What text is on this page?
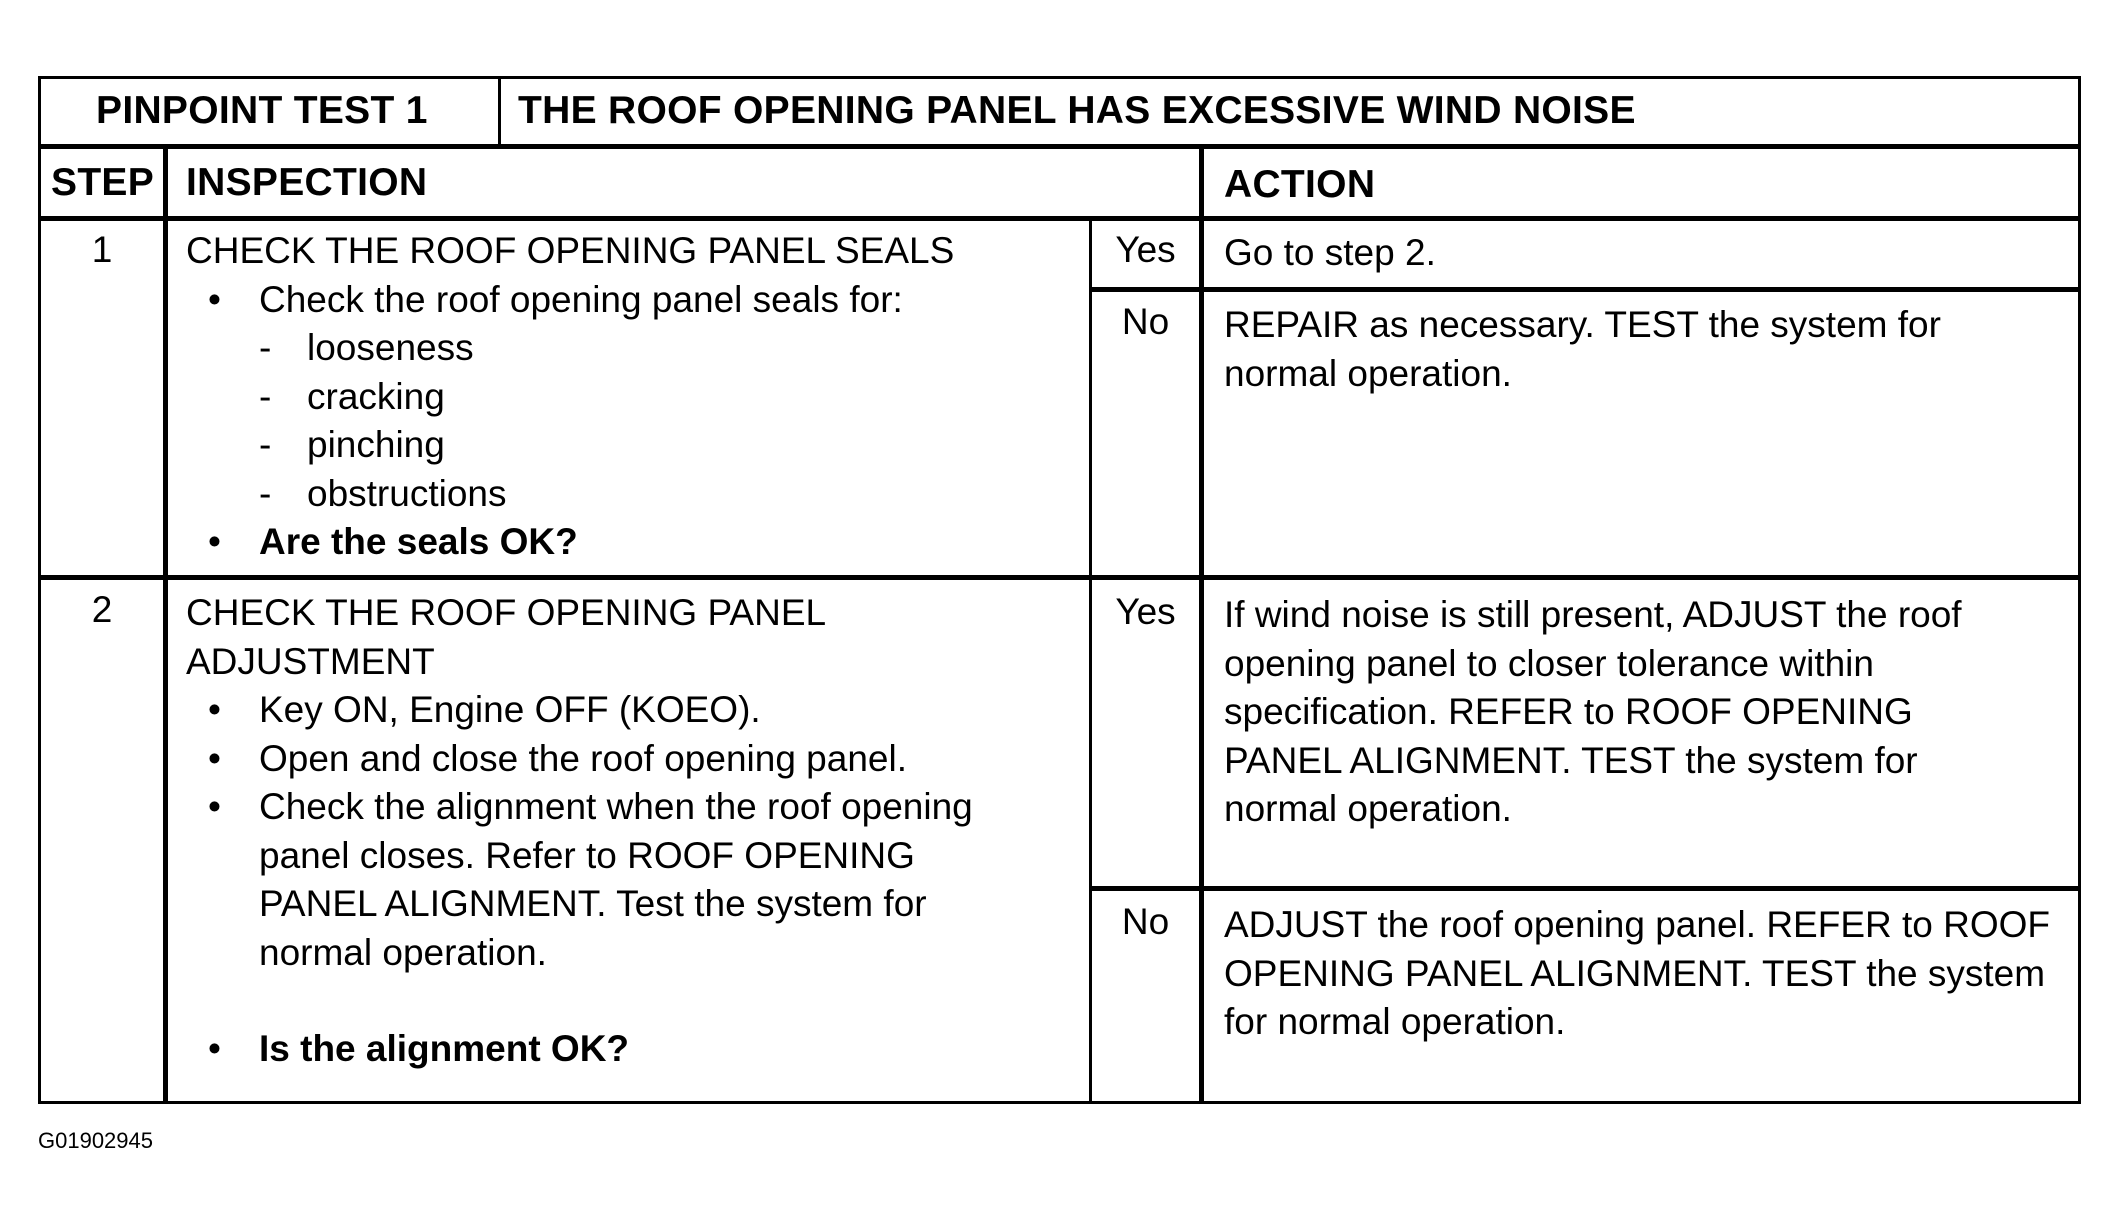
PINPOINT TEST 1 THE ROOF OPENING PANEL HAS EXCESSIVE WIND NOISE
STEP INSPECTION	ACTION
1	CHECK THE ROOF OPENING PANEL SEALS
• Check the roof opening panel seals for:
- looseness
- cracking
- pinching
- obstructions
• Are the seals OK?
Yes	Go to step 2.
No	REPAIR as necessary. TEST the system for normal operation.
2	CHECK THE ROOF OPENING PANEL ADJUSTMENT
• Key ON, Engine OFF (KOEO).
• Open and close the roof opening panel.
• Check the alignment when the roof opening panel closes. Refer to ROOF OPENING PANEL ALIGNMENT. Test the system for normal operation.
• Is the alignment OK?
Yes	If wind noise is still present, ADJUST the roof opening panel to closer tolerance within specification. REFER to ROOF OPENING PANEL ALIGNMENT. TEST the system for normal operation.
No	ADJUST the roof opening panel. REFER to ROOF OPENING PANEL ALIGNMENT. TEST the system for normal operation.
G01902945
